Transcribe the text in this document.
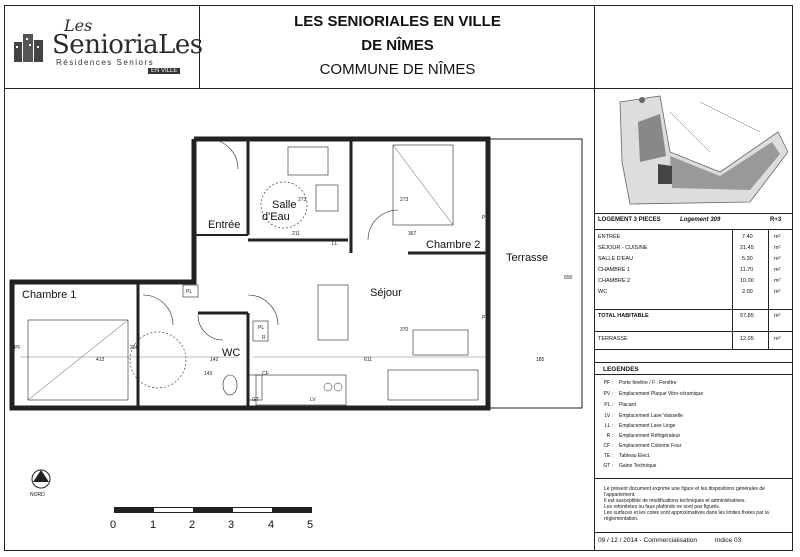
Les
SenioriaLes
Résidences Seniors
EN VILLE
LES SENIORIALES EN VILLE
DE NÎMES
COMMUNE DE NÎMES
Entrée
Salle
d'Eau
Chambre 2
Terrasse
Chambre 1	Séjour
WC
273
211	367
273
650
413
266
142	611
370
185
143
LL
PL
PL
R
CF
GT	LV
PF
PF
PF
NORD
0	1	2	3	4	5
LOGEMENT 3 PIECES	Logement 309	R+3
ENTRÉE	7.40	m²
SÉJOUR - CUISINE	21.45	m²
SALLE D'EAU	5.30	m²
CHAMBRE 1	11.70	m²
CHAMBRE 2	10.00	m²
WC	2.00	m²
TOTAL HABITABLE	57.85	m²
TERRASSE	12.05	m²
LEGENDES
PF : Porte fenêtre / F : Fenêtre
PV : Emplacement Plaque Vitro-céramique
PL : Placard
LV : Emplacement Lave Vaisselle
LL : Emplacement Lave Linge
R : Emplacement Réfrigérateur
CF : Emplacement Colonne Four
TE : Tableau Elect.
GT : Gaine Technique
Le présent document exprime une figure et les dispositions générales de l'appartement.
Il est susceptible de modifications techniques et administratives.
Les retombées ou faux plafonds ne sont pas figurés.
Les surfaces et les cotes sont approximatives dans les limites fixées par la réglementation.
09 / 12 / 2014 - Commercialisation	Indice 03
